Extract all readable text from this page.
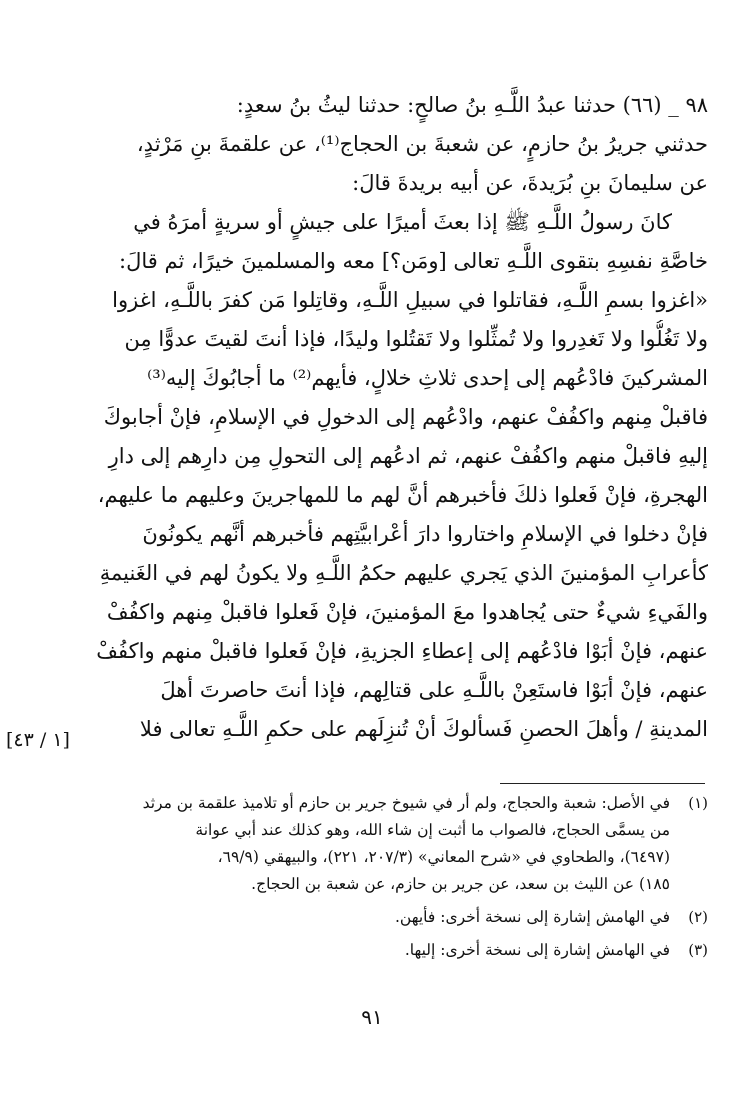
٩٨ _ (٦٦) حدثنا عبدُ اللَّـهِ بنُ صالحٍ: حدثنا ليثُ بنُ سعدٍ:
حدثني جريرُ بنُ حازمٍ، عن شعبةَ بن الحجاج⁽¹⁾، عن علقمةَ بنِ مَرْثدٍ،
عن سليمانَ بنِ بُرَيدةَ، عن أبيه بريدةَ قالَ:
كانَ رسولُ اللَّـهِ ﷺ إذا بعثَ أميرًا على جيشٍ أو سريةٍ أمرَهُ في
خاصَّةِ نفسِهِ بتقوى اللَّـهِ تعالى [ومَن؟] معه والمسلمينَ خيرًا، ثم قالَ:
«اغزوا بسمِ اللَّـهِ، فقاتلوا في سبيلِ اللَّـهِ، وقاتِلوا مَن كفرَ باللَّـهِ، اغزوا
ولا تَغُلُّوا ولا تَغدِروا ولا تُمثِّلوا ولا تَقتُلوا وليدًا، فإذا أنتَ لقيتَ عدوًّا مِن
المشركينَ فادْعُهم إلى إحدى ثلاثِ خلالٍ، فأيهم⁽²⁾ ما أجابُوكَ إليه⁽³⁾
فاقبلْ مِنهم واكفُفْ عنهم، وادْعُهم إلى الدخولِ في الإسلامِ، فإنْ أجابوكَ
إليهِ فاقبلْ منهم واكفُفْ عنهم، ثم ادعُهم إلى التحولِ مِن دارِهم إلى دارِ
الهجرةِ، فإنْ فَعلوا ذلكَ فأخبرهم أنَّ لهم ما للمهاجرينَ وعليهم ما عليهم،
فإنْ دخلوا في الإسلامِ واختاروا دارَ أعْرابيَّتِهم فأخبرهم أنَّهم يكونُونَ
كأعرابِ المؤمنينَ الذي يَجري عليهم حكمُ اللَّـهِ ولا يكونُ لهم في الغَنيمةِ
والفَيءِ شيءٌ حتى يُجاهدوا معَ المؤمنينَ، فإنْ فَعلوا فاقبلْ مِنهم واكفُفْ
عنهم، فإنْ أبَوْا فادْعُهم إلى إعطاءِ الجزيةِ، فإنْ فَعلوا فاقبلْ منهم واكفُفْ
عنهم، فإنْ أبَوْا فاستَعِنْ باللَّـهِ على قتالِهم، فإذا أنتَ حاصرتَ أهلَ
المدينةِ / وأهلَ الحصنِ فَسألوكَ أنْ تُنزِلَهم على حكمِ اللَّـهِ تعالى فلا
[١ / ٤٣]
(١)
في الأصل: شعبة والحجاج، ولم أر في شيوخ جرير بن حازم أو تلاميذ علقمة بن مرثد
من يسمَّى الحجاج، فالصواب ما أثبت إن شاء الله، وهو كذلك عند أبي عوانة
(٦٤٩٧)، والطحاوي في «شرح المعاني» (٢٠٧/٣، ٢٢١)، والبيهقي (٦٩/٩،
١٨٥) عن الليث بن سعد، عن جرير بن حازم، عن شعبة بن الحجاج.
(٢)
في الهامش إشارة إلى نسخة أخرى: فأيهن.
(٣)
في الهامش إشارة إلى نسخة أخرى: إليها.
٩١
